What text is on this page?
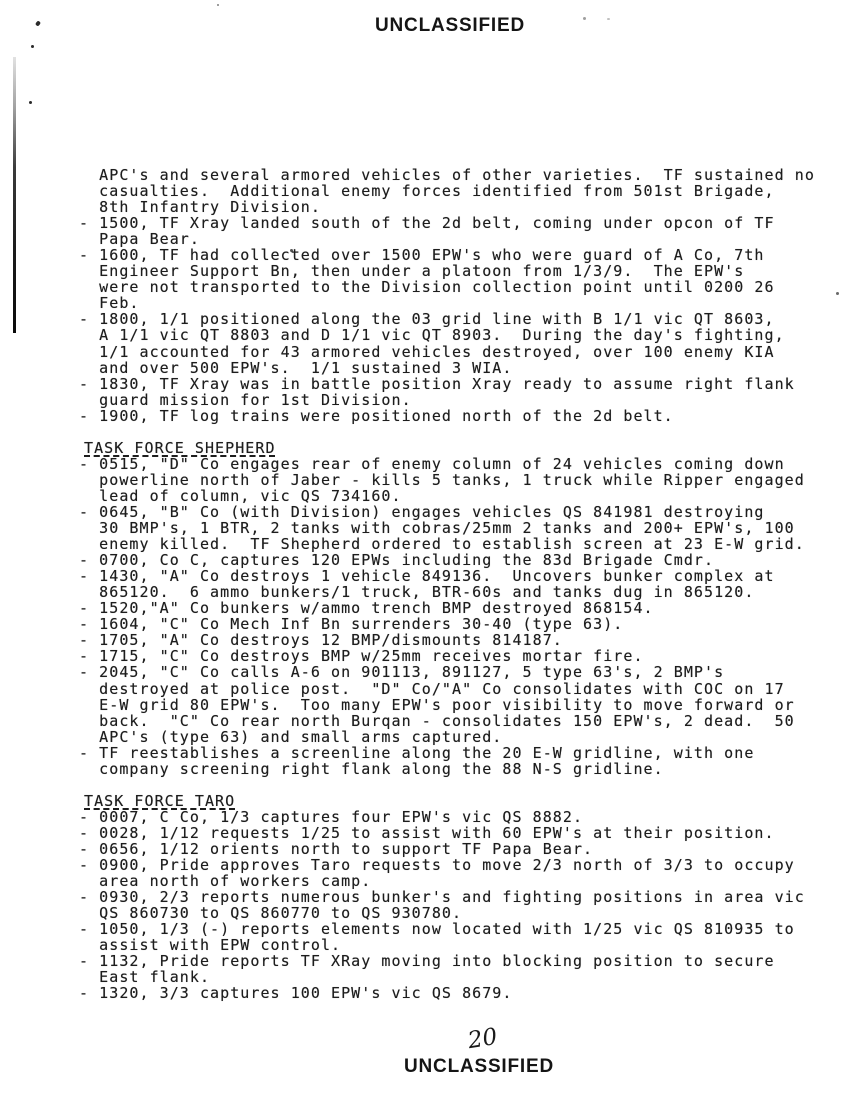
UNCLASSIFIED
APC's and several armored vehicles of other varieties.  TF sustained no
casualties.  Additional enemy forces identified from 501st Brigade,
8th Infantry Division.
- 1500, TF Xray landed south of the 2d belt, coming under opcon of TF
Papa Bear.
- 1600, TF had collected over 1500 EPW's who were guard of A Co, 7th
Engineer Support Bn, then under a platoon from 1/3/9.  The EPW's
were not transported to the Division collection point until 0200 26
Feb.
- 1800, 1/1 positioned along the 03 grid line with B 1/1 vic QT 8603,
A 1/1 vic QT 8803 and D 1/1 vic QT 8903.  During the day's fighting,
1/1 accounted for 43 armored vehicles destroyed, over 100 enemy KIA
and over 500 EPW's.  1/1 sustained 3 WIA.
- 1830, TF Xray was in battle position Xray ready to assume right flank
guard mission for 1st Division.
- 1900, TF log trains were positioned north of the 2d belt.
TASK FORCE SHEPHERD
- 0515, "D" Co engages rear of enemy column of 24 vehicles coming down
powerline north of Jaber - kills 5 tanks, 1 truck while Ripper engaged
lead of column, vic QS 734160.
- 0645, "B" Co (with Division) engages vehicles QS 841981 destroying
30 BMP's, 1 BTR, 2 tanks with cobras/25mm 2 tanks and 200+ EPW's, 100
enemy killed.  TF Shepherd ordered to establish screen at 23 E-W grid.
- 0700, Co C, captures 120 EPWs including the 83d Brigade Cmdr.
- 1430, "A" Co destroys 1 vehicle 849136.  Uncovers bunker complex at
865120.  6 ammo bunkers/1 truck, BTR-60s and tanks dug in 865120.
- 1520,"A" Co bunkers w/ammo trench BMP destroyed 868154.
- 1604, "C" Co Mech Inf Bn surrenders 30-40 (type 63).
- 1705, "A" Co destroys 12 BMP/dismounts 814187.
- 1715, "C" Co destroys BMP w/25mm receives mortar fire.
- 2045, "C" Co calls A-6 on 901113, 891127, 5 type 63's, 2 BMP's
destroyed at police post.  "D" Co/"A" Co consolidates with COC on 17
E-W grid 80 EPW's.  Too many EPW's poor visibility to move forward or
back.  "C" Co rear north Burqan - consolidates 150 EPW's, 2 dead.  50
APC's (type 63) and small arms captured.
- TF reestablishes a screenline along the 20 E-W gridline, with one
company screening right flank along the 88 N-S gridline.
TASK FORCE TARO
- 0007, C Co, 1/3 captures four EPW's vic QS 8882.
- 0028, 1/12 requests 1/25 to assist with 60 EPW's at their position.
- 0656, 1/12 orients north to support TF Papa Bear.
- 0900, Pride approves Taro requests to move 2/3 north of 3/3 to occupy
area north of workers camp.
- 0930, 2/3 reports numerous bunker's and fighting positions in area vic
QS 860730 to QS 860770 to QS 930780.
- 1050, 1/3 (-) reports elements now located with 1/25 vic QS 810935 to
assist with EPW control.
- 1132, Pride reports TF XRay moving into blocking position to secure
East flank.
- 1320, 3/3 captures 100 EPW's vic QS 8679.
20
UNCLASSIFIED
